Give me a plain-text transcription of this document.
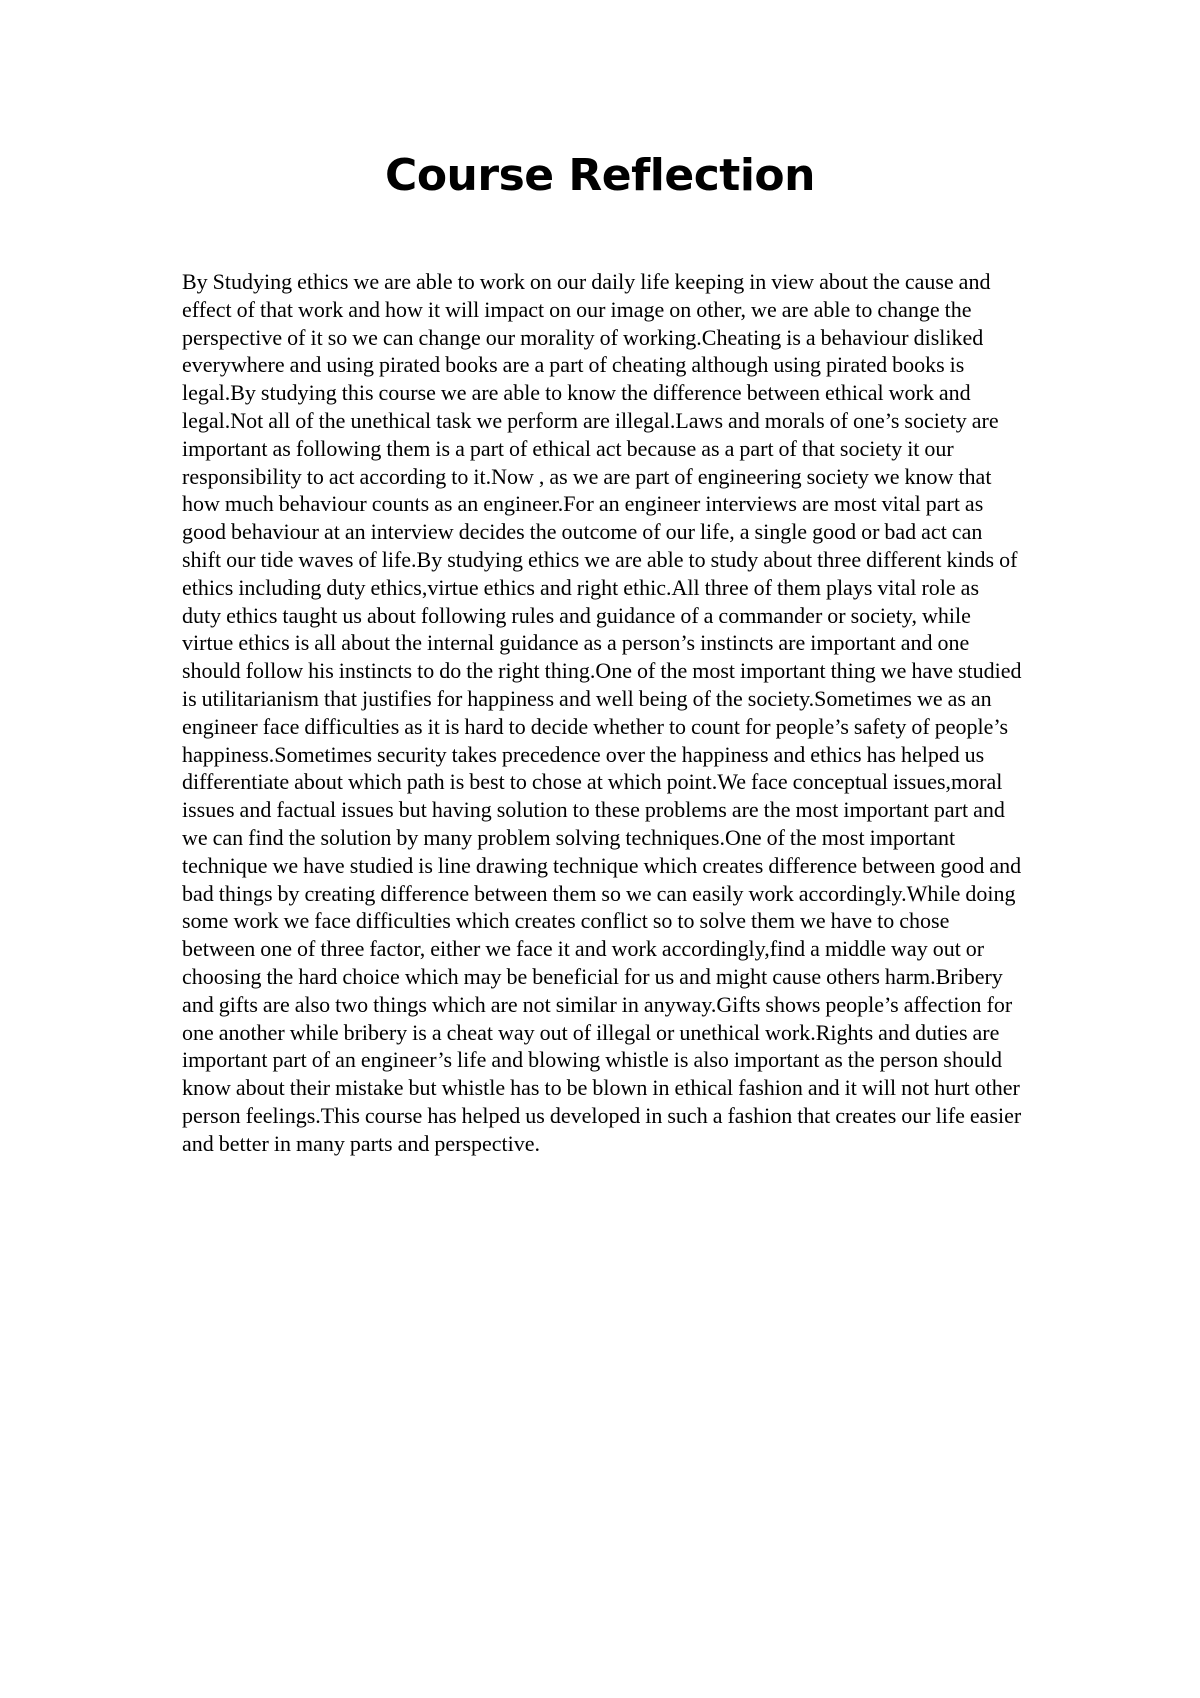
Course Reflection

By Studying ethics we are able to work on our daily life keeping in view about the cause and effect of that work and how it will impact on our image on other, we are able to change the perspective of it so we can change our morality of working.Cheating is a behaviour disliked everywhere and using pirated books are a part of cheating although using pirated books is legal.By studying this course we are able to know the difference between ethical work and legal.Not all of the unethical task we perform are illegal.Laws and morals of one’s society are important as following them is a part of ethical act because as a part of that society it our responsibility to act according to it.Now , as we are part of engineering society we know that how much behaviour counts as an engineer.For an engineer interviews are most vital part as good behaviour at an interview decides the outcome of our life, a single good or bad act can shift our tide waves of life.By studying ethics we are able to study about three different kinds of ethics including duty ethics,virtue ethics and right ethic.All three of them plays vital role as duty ethics taught us about following rules and guidance of a commander or society, while virtue ethics is all about the internal guidance as a person’s instincts are important and one should follow his instincts to do the right thing.One of the most important thing we have studied is utilitarianism that justifies for happiness and well being of the society.Sometimes we as an engineer face difficulties as it is hard to decide whether to count for people’s safety of people’s happiness.Sometimes security takes precedence over the happiness and ethics has helped us differentiate about which path is best to chose at which point.We face conceptual issues,moral issues and factual issues but having solution to these problems are the most important part and we can find the solution by many problem solving techniques.One of the most important technique we have studied is line drawing technique which creates difference between good and bad things by creating difference between them so we can easily work accordingly.While doing some work we face difficulties which creates conflict so to solve them we have to chose between one of three factor, either we face it and work accordingly,find a middle way out or choosing the hard choice which may be beneficial for us and might cause others harm.Bribery and gifts are also two things which are not similar in anyway.Gifts shows people’s affection for one another while bribery is a cheat way out of illegal or unethical work.Rights and duties are important part of an engineer’s life and blowing whistle is also important as the person should know about their mistake but whistle has to be blown in ethical fashion and it will not hurt other person feelings.This course has helped us developed in such a fashion that creates our life easier and better in many parts and perspective.
